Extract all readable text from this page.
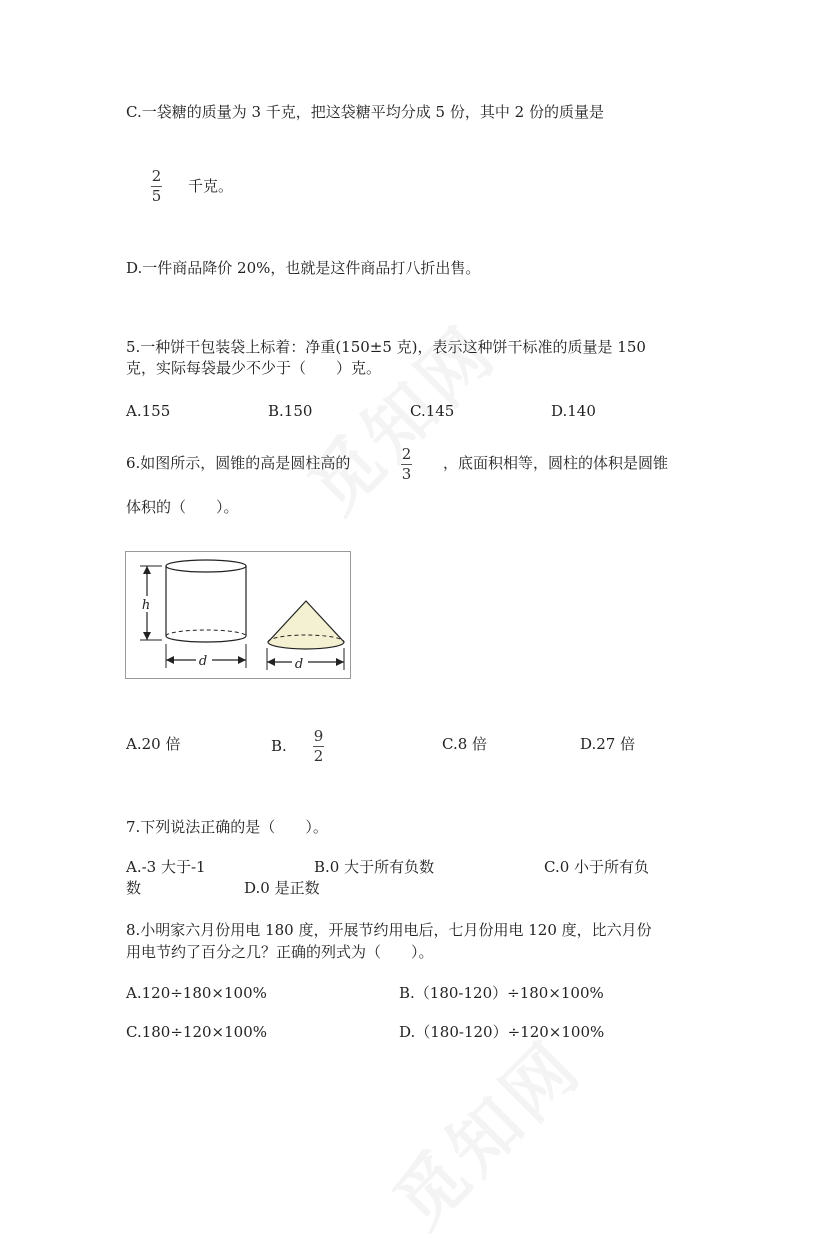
C.一袋糖的质量为 3 千克，把这袋糖平均分成 5 份，其中 2 份的质量是
2
5
千克。
D.一件商品降价 20%，也就是这件商品打八折出售。
5.一种饼干包装袋上标着：净重(150±5 克)，表示这种饼干标准的质量是 150
克，实际每袋最少不少于（　　）克。
A.155	B.150	C.145	D.140
6.如图所示，圆锥的高是圆柱高的	2
3
，底面积相等，圆柱的体积是圆锥
体积的（　　）。
h
d	d
A.20 倍	B.
9
2
C.8 倍	D.27 倍
7.下列说法正确的是（　　）。
A.-3 大于-1	B.0 大于所有负数	C.0 小于所有负
数	D.0 是正数
8.小明家六月份用电 180 度，开展节约用电后，七月份用电 120 度，比六月份
用电节约了百分之几？正确的列式为（　　）。
A.120÷180×100%	B.（180-120）÷180×100%
C.180÷120×100%	D.（180-120）÷120×100%
